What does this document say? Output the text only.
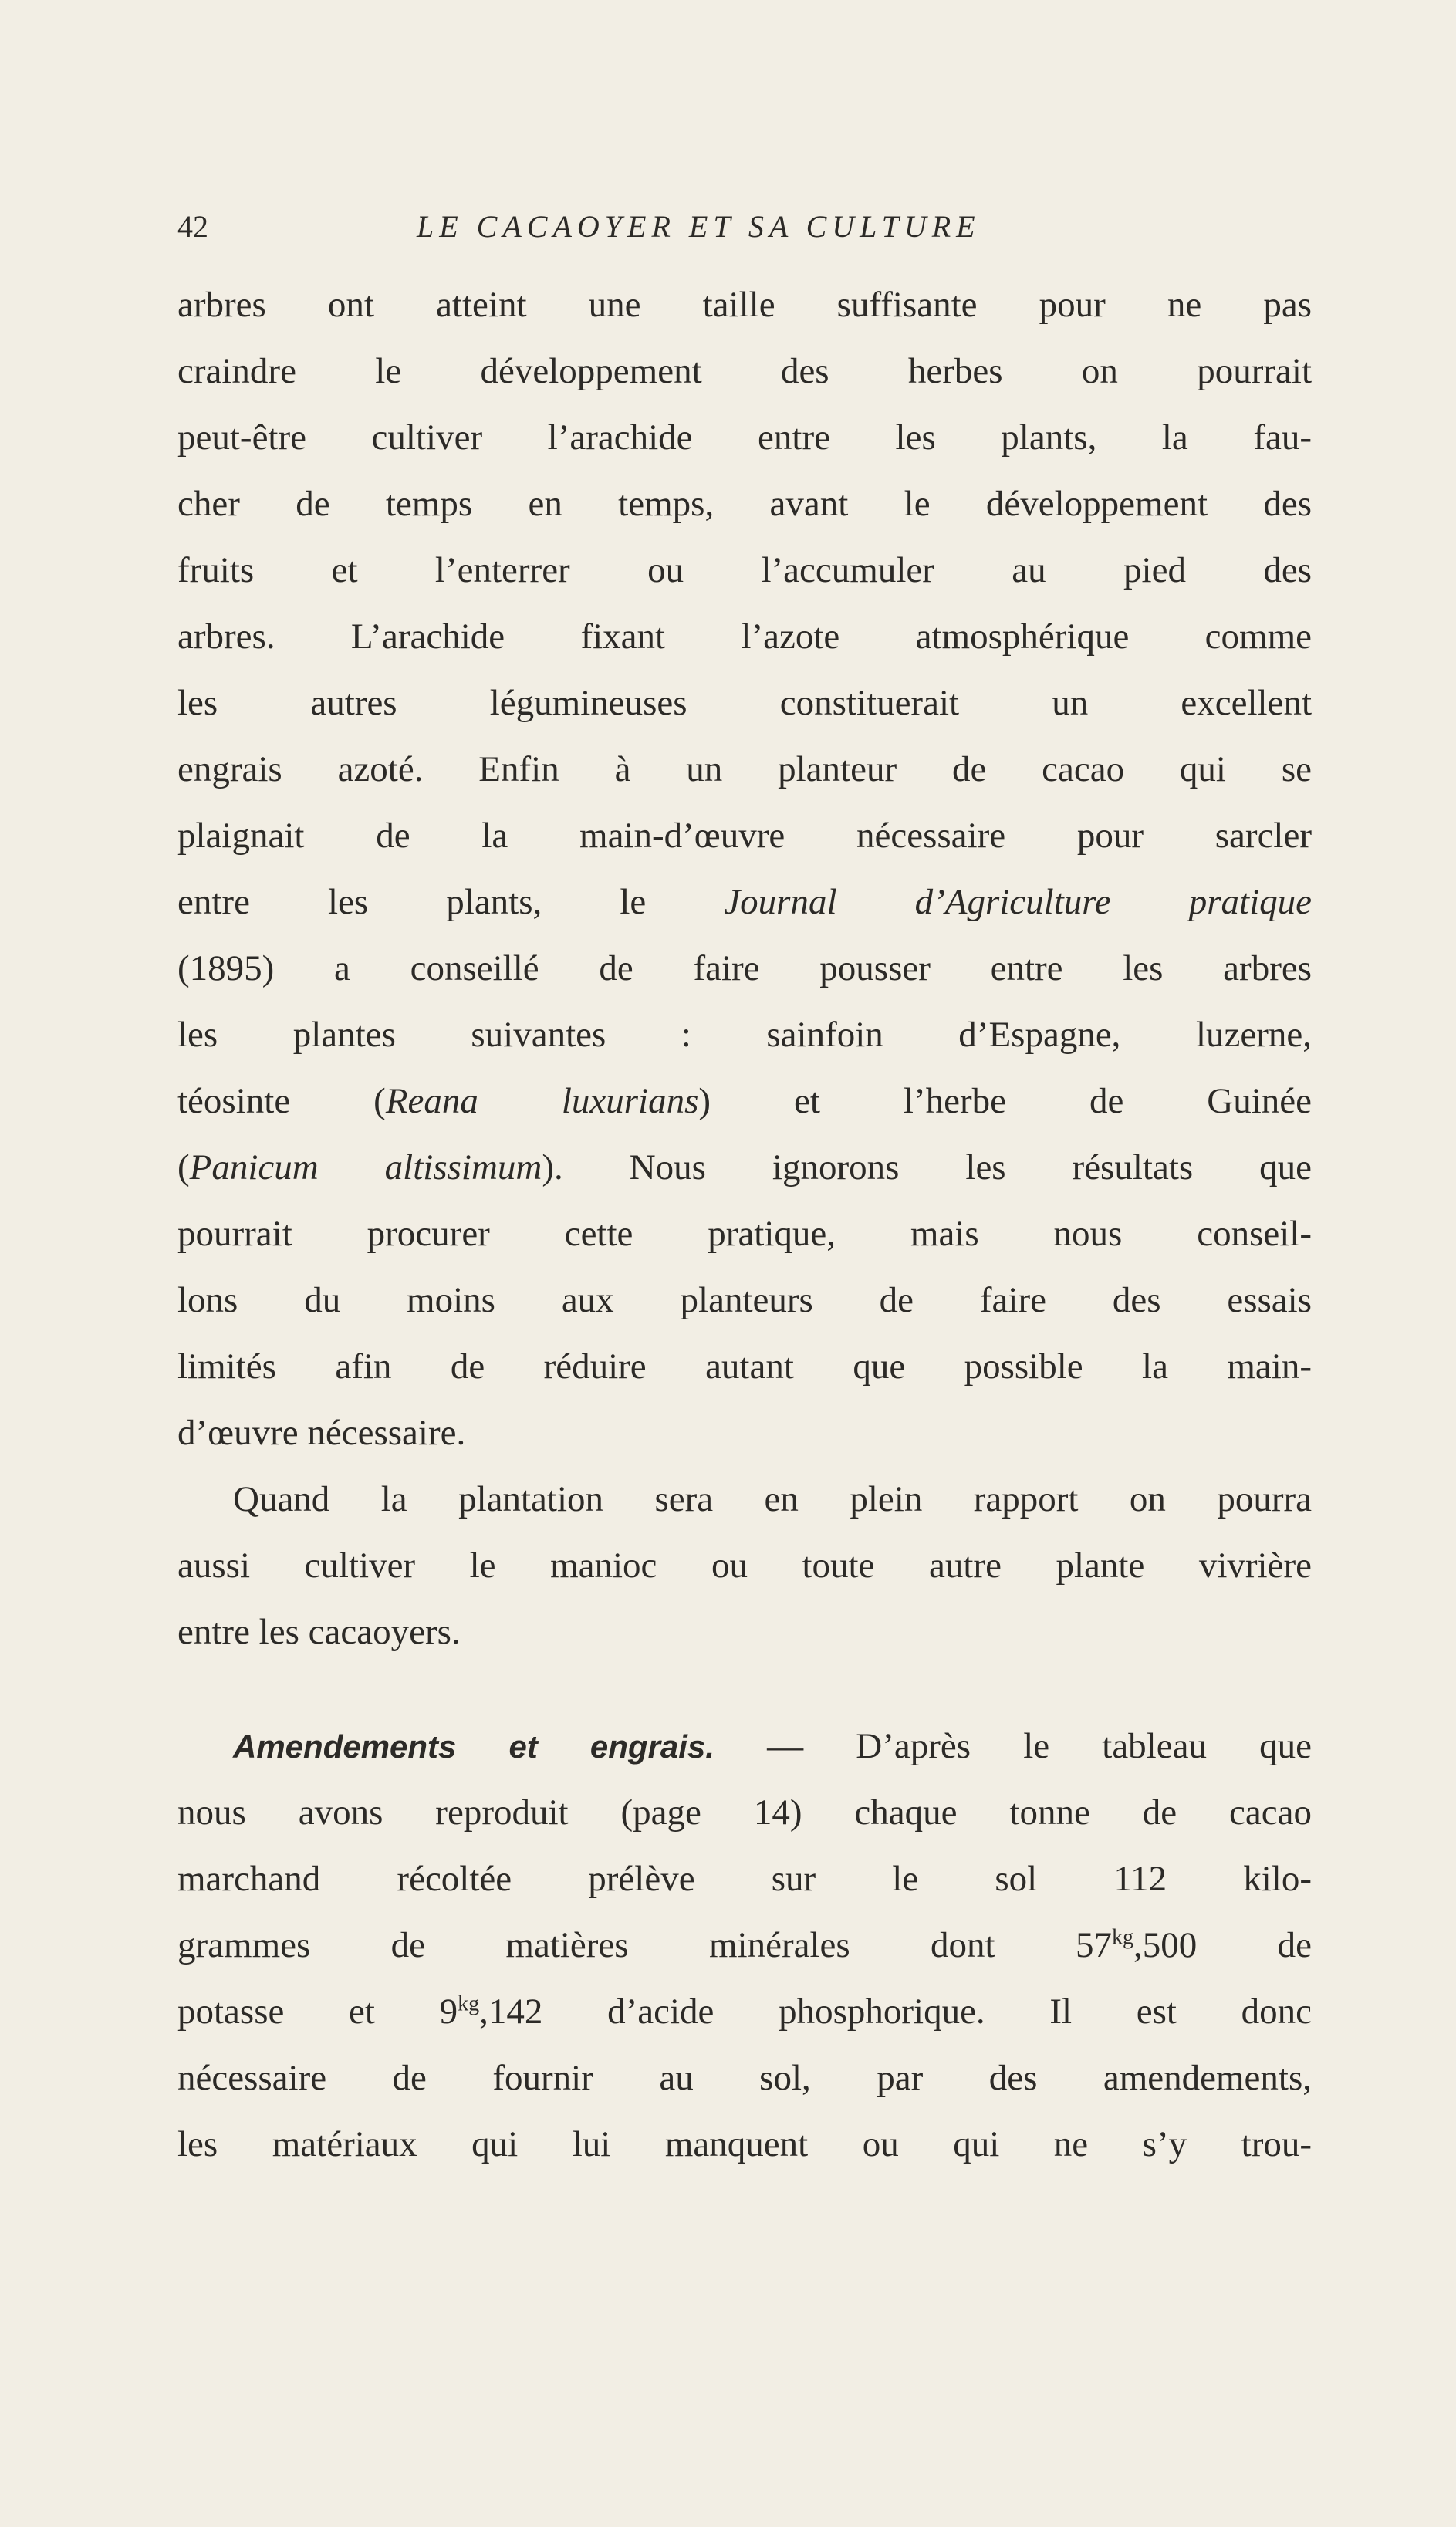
42	LE CACAOYER ET SA CULTURE
arbres ont atteint une taille suffisante pour ne pas
craindre le développement des herbes on pourrait
peut-être cultiver l’arachide entre les plants, la fau-
cher de temps en temps, avant le développement des
fruits et l’enterrer ou l’accumuler au pied des
arbres. L’arachide fixant l’azote atmosphérique comme
les autres légumineuses constituerait un excellent
engrais azoté. Enfin à un planteur de cacao qui se
plaignait de la main-d’œuvre nécessaire pour sarcler
entre les plants, le Journal d’Agriculture pratique
(1895) a conseillé de faire pousser entre les arbres
les plantes suivantes : sainfoin d’Espagne, luzerne,
téosinte (Reana luxurians) et l’herbe de Guinée
(Panicum altissimum). Nous ignorons les résultats que
pourrait procurer cette pratique, mais nous conseil-
lons du moins aux planteurs de faire des essais
limités afin de réduire autant que possible la main-
d’œuvre nécessaire.
Quand la plantation sera en plein rapport on pourra
aussi cultiver le manioc ou toute autre plante vivrière
entre les cacaoyers.
Amendements et engrais. — D’après le tableau que
nous avons reproduit (page 14) chaque tonne de cacao
marchand récoltée prélève sur le sol 112 kilo-
grammes de matières minérales dont $57^{kg},500$ de
potasse et $9^{kg},142$ d’acide phosphorique. Il est donc
nécessaire de fournir au sol, par des amendements,
les matériaux qui lui manquent ou qui ne s’y trou-
